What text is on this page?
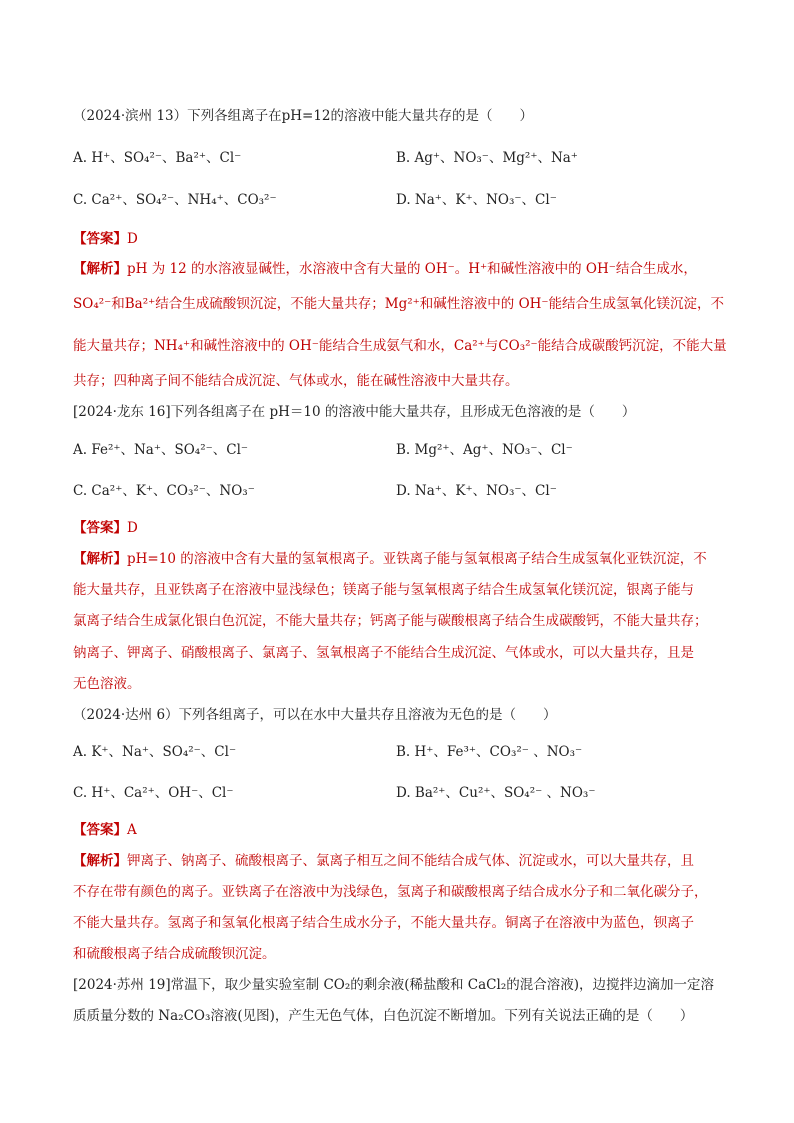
（2024·滨州 13）下列各组离子在pH=12的溶液中能大量共存的是（　　）
A. H⁺、SO₄²⁻、Ba²⁺、Cl⁻	B. Ag⁺、NO₃⁻、Mg²⁺、Na⁺
C. Ca²⁺、SO₄²⁻、NH₄⁺、CO₃²⁻	D. Na⁺、K⁺、NO₃⁻、Cl⁻
【答案】D
【解析】pH 为 12 的水溶液显碱性，水溶液中含有大量的 OH⁻。H⁺和碱性溶液中的 OH⁻结合生成水，
SO₄²⁻和Ba²⁺结合生成硫酸钡沉淀，不能大量共存；Mg²⁺和碱性溶液中的 OH⁻能结合生成氢氧化镁沉淀，不
能大量共存；NH₄⁺和碱性溶液中的 OH⁻能结合生成氨气和水，Ca²⁺与CO₃²⁻能结合成碳酸钙沉淀，不能大量
共存；四种离子间不能结合成沉淀、气体或水，能在碱性溶液中大量共存。
[2024·龙东 16]下列各组离子在 pH＝10 的溶液中能大量共存，且形成无色溶液的是（　　）
A. Fe²⁺、Na⁺、SO₄²⁻、Cl⁻	B. Mg²⁺、Ag⁺、NO₃⁻、Cl⁻
C. Ca²⁺、K⁺、CO₃²⁻、NO₃⁻	D. Na⁺、K⁺、NO₃⁻、Cl⁻
【答案】D
【解析】pH=10 的溶液中含有大量的氢氧根离子。亚铁离子能与氢氧根离子结合生成氢氧化亚铁沉淀，不
能大量共存，且亚铁离子在溶液中显浅绿色；镁离子能与氢氧根离子结合生成氢氧化镁沉淀，银离子能与
氯离子结合生成氯化银白色沉淀，不能大量共存；钙离子能与碳酸根离子结合生成碳酸钙，不能大量共存；
钠离子、钾离子、硝酸根离子、氯离子、氢氧根离子不能结合生成沉淀、气体或水，可以大量共存，且是
无色溶液。
（2024·达州 6）下列各组离子，可以在水中大量共存且溶液为无色的是（　　）
A. K⁺、Na⁺、SO₄²⁻、Cl⁻	B. H⁺、Fe³⁺、CO₃²⁻ 、NO₃⁻
C. H⁺、Ca²⁺、OH⁻、Cl⁻	D. Ba²⁺、Cu²⁺、SO₄²⁻ 、NO₃⁻
【答案】A
【解析】钾离子、钠离子、硫酸根离子、氯离子相互之间不能结合成气体、沉淀或水，可以大量共存，且
不存在带有颜色的离子。亚铁离子在溶液中为浅绿色，氢离子和碳酸根离子结合成水分子和二氧化碳分子，
不能大量共存。氢离子和氢氧化根离子结合生成水分子，不能大量共存。铜离子在溶液中为蓝色，钡离子
和硫酸根离子结合成硫酸钡沉淀。
[2024·苏州 19]常温下，取少量实验室制 CO₂的剩余液(稀盐酸和 CaCl₂的混合溶液)，边搅拌边滴加一定溶
质质量分数的 Na₂CO₃溶液(见图)，产生无色气体，白色沉淀不断增加。下列有关说法正确的是（　　）
